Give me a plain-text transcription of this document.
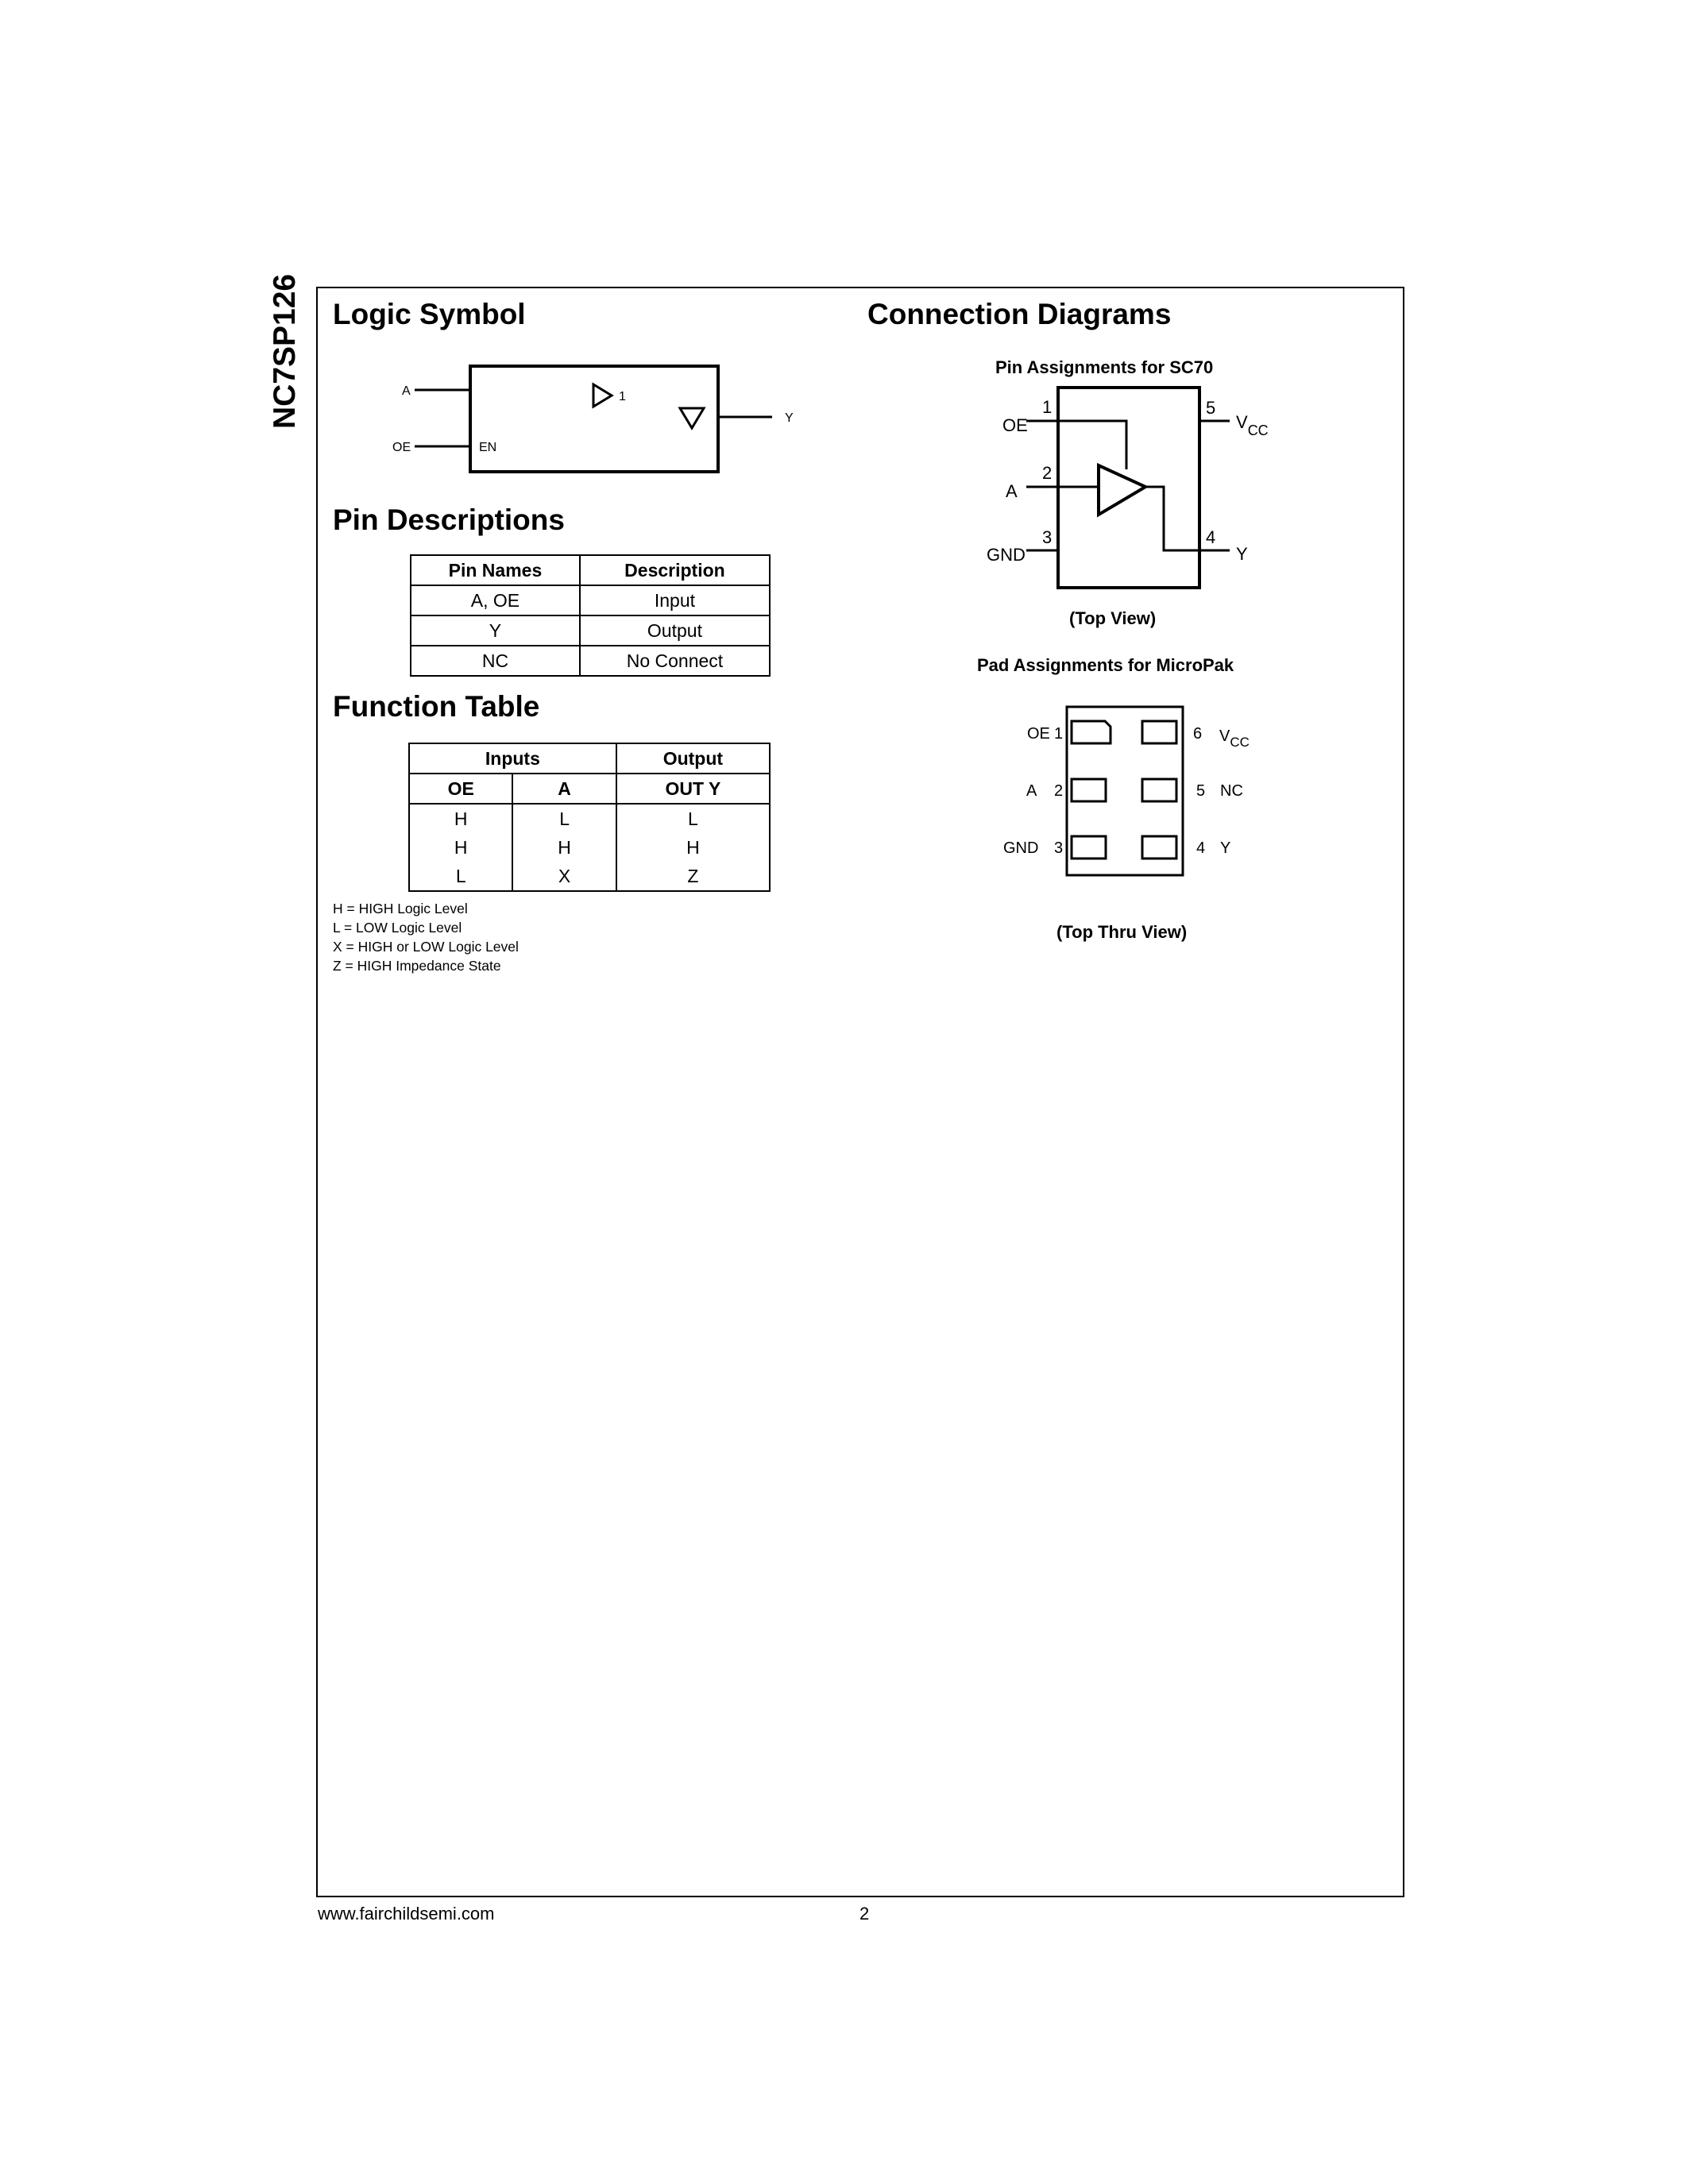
NC7SP126 Logic Symbol
A
OE
Y
EN
1
Pin Descriptions
Pin Names	Description
A, OE	Input
Y	Output
NC	No Connect
Function Table
Inputs		Output
OE	A	OUT Y
H	L	L
H	H	H
L	X	Z
H = HIGH Logic Level
L = LOW Logic Level
X = HIGH or LOW Logic Level
Z = HIGH Impedance State
Connection Diagrams
Pin Assignments for SC70
1
2
3	4
5
OE
A
GND	Y
$V_{CC}$
(Top View)
Pad Assignments for MicroPak
OE 1
A 2
GND 3
6 $V_{CC}$
5 NC
4 Y
(Top Thru View)
www.fairchildsemi.com	2
